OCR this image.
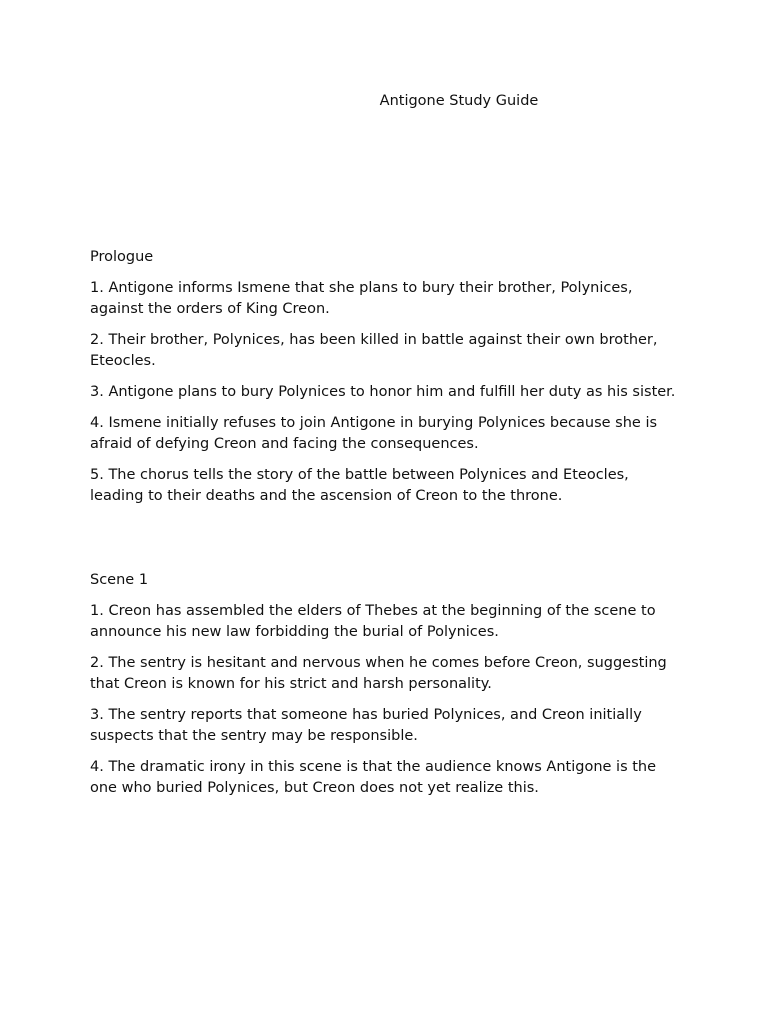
Antigone Study Guide

Prologue

1. Antigone informs Ismene that she plans to bury their brother, Polynices, against the orders of King Creon.

2. Their brother, Polynices, has been killed in battle against their own brother, Eteocles.

3. Antigone plans to bury Polynices to honor him and fulfill her duty as his sister.

4. Ismene initially refuses to join Antigone in burying Polynices because she is afraid of defying Creon and facing the consequences.

5. The chorus tells the story of the battle between Polynices and Eteocles, leading to their deaths and the ascension of Creon to the throne.

Scene 1

1. Creon has assembled the elders of Thebes at the beginning of the scene to announce his new law forbidding the burial of Polynices.

2. The sentry is hesitant and nervous when he comes before Creon, suggesting that Creon is known for his strict and harsh personality.

3. The sentry reports that someone has buried Polynices, and Creon initially suspects that the sentry may be responsible.

4. The dramatic irony in this scene is that the audience knows Antigone is the one who buried Polynices, but Creon does not yet realize this.
